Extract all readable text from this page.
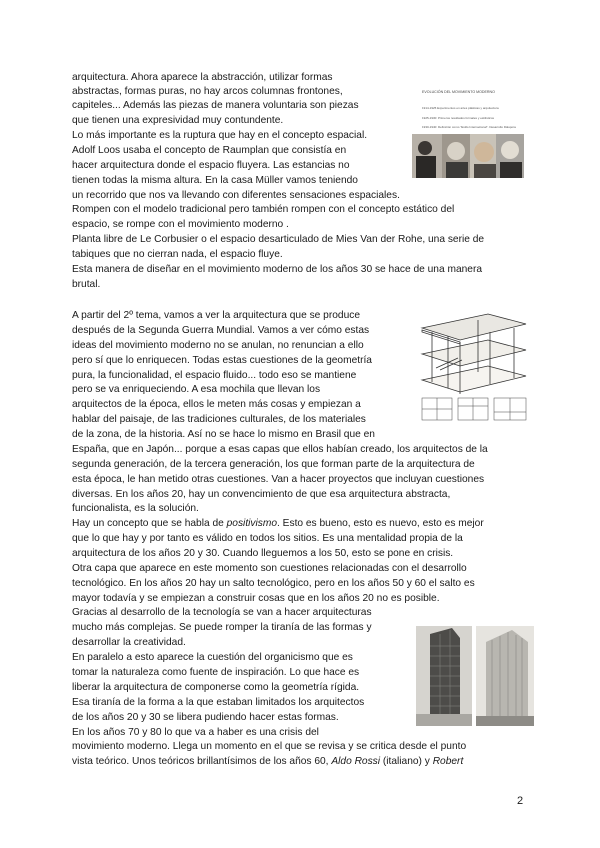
arquitectura. Ahora aparece la abstracción, utilizar formas
abstractas, formas puras, no hay arcos columnas frontones,
capiteles... Además las piezas de manera voluntaria son piezas
que tienen una expresividad muy contundente.
Lo más importante es la ruptura que hay en el concepto espacial.
Adolf Loos usaba el concepto de Raumplan que consistía en
hacer arquitectura donde el espacio fluyera. Las estancias no
tienen todas la misma altura. En la casa Müller vamos teniendo
un recorrido que nos va llevando con diferentes sensaciones espaciales.
Rompen con el modelo tradicional pero también rompen con el concepto estático del
espacio, se rompe con el movimiento moderno .
Planta libre de Le Corbusier o el espacio desarticulado de Mies Van der Rohe, una serie de
tabiques que no cierran nada, el espacio fluye.
Esta manera de diseñar en el movimiento moderno de los años 30 se hace de una manera
brutal.
A partir del 2º tema, vamos a ver la arquitectura que se produce
después de la Segunda Guerra Mundial. Vamos a ver cómo estas
ideas del movimiento moderno no se anulan, no renuncian a ello
pero sí que lo enriquecen. Todas estas cuestiones de la geometría
pura, la funcionalidad, el espacio fluido... todo eso se mantiene
pero se va enriqueciendo. A esa mochila que llevan los
arquitectos de la época, ellos le meten más cosas y empiezan a
hablar del paisaje, de las tradiciones culturales, de los materiales
de la zona, de la historia. Así no se hace lo mismo en Brasil que en
España, que en Japón... porque a esas capas que ellos habían creado, los arquitectos de la
segunda generación, de la tercera generación, los que forman parte de la arquitectura de
esta época, le han metido otras cuestiones. Van a hacer proyectos que incluyan cuestiones
diversas. En los años 20, hay un convencimiento de que esa arquitectura abstracta,
funcionalista, es la solución.
Hay un concepto que se habla de positivismo. Esto es bueno, esto es nuevo, esto es mejor
que lo que hay y por tanto es válido en todos los sitios. Es una mentalidad propia de la
arquitectura de los años 20 y 30. Cuando lleguemos a los 50, esto se pone en crisis.
Otra capa que aparece en este momento son cuestiones relacionadas con el desarrollo
tecnológico. En los años 20 hay un salto tecnológico, pero en los años 50 y 60 el salto es
mayor todavía y se empiezan a construir cosas que en los años 20 no es posible.
Gracias al desarrollo de la tecnología se van a hacer arquitecturas
mucho más complejas. Se puede romper la tiranía de las formas y
desarrollar la creatividad.
En paralelo a esto aparece la cuestión del organicismo que es
tomar la naturaleza como fuente de inspiración. Lo que hace es
liberar la arquitectura de componerse como la geometría rígida.
Esa tiranía de la forma a la que estaban limitados los arquitectos
de los años 20 y 30 se libera pudiendo hacer estas formas.
En los años 70 y 80 lo que va a haber es una crisis del
movimiento moderno. Llega un momento en el que se revisa y se critica desde el punto
vista teórico. Unos teóricos brillantísimos de los años 60, Aldo Rossi (italiano) y Robert
EVOLUCIÓN DEL MOVIMIENTO MODERNO
1914-1925 Experimentos en artes plásticas y arquitectura
1925-1930: Primeros resultados formales y estilísticos
1930-1940: Definición como "Estilo Internacional". Desarrollo Diáspora
2
